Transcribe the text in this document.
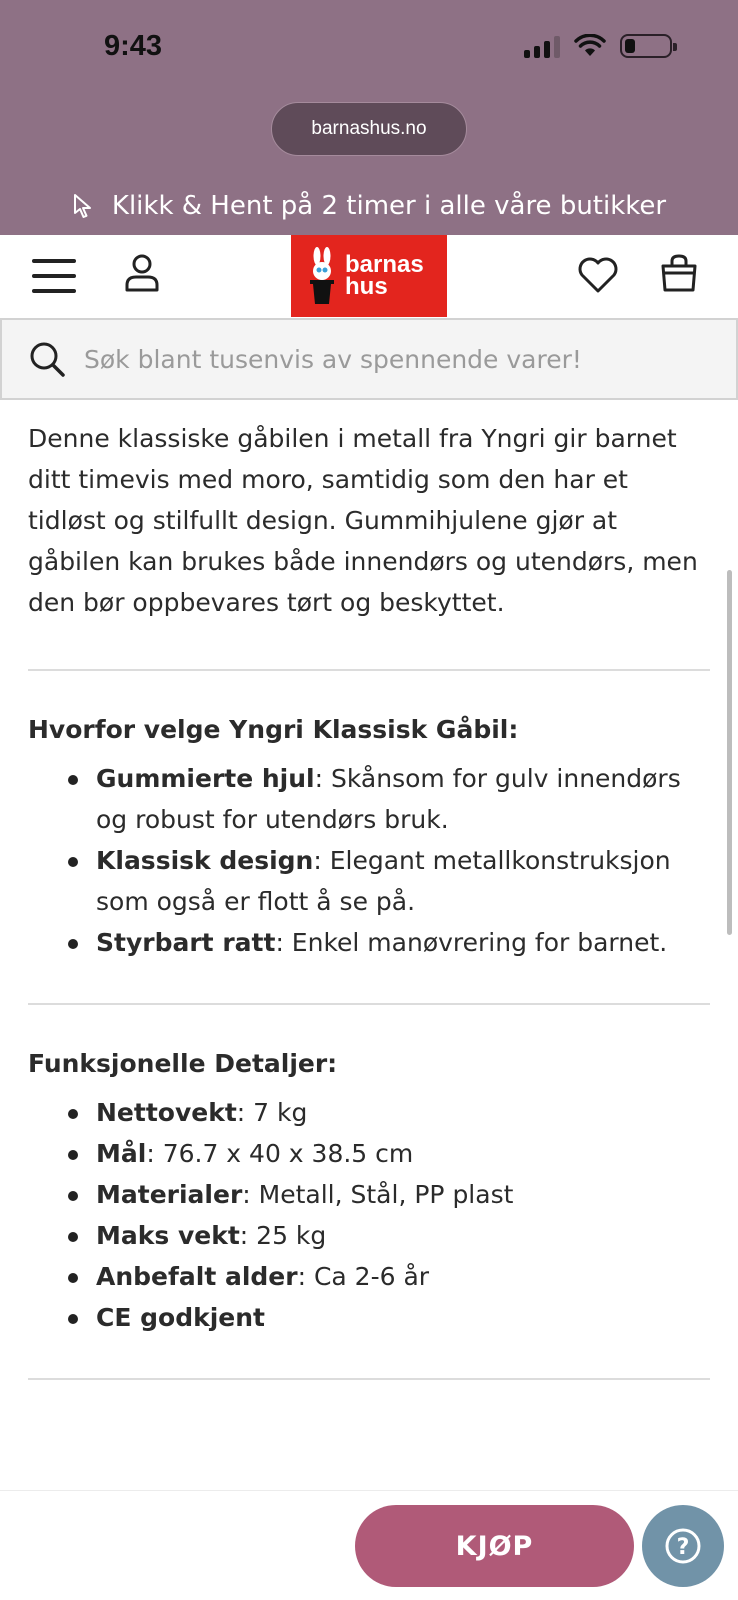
9:43
barnashus.no
Klikk & Hent på 2 timer i alle våre butikker
barnas
hus
Søk blant tusenvis av spennende varer!

Denne klassiske gåbilen i metall fra Yngri gir barnet ditt timevis med moro, samtidig som den har et tidløst og stilfullt design. Gummihjulene gjør at gåbilen kan brukes både innendørs og utendørs, men den bør oppbevares tørt og beskyttet.

Hvorfor velge Yngri Klassisk Gåbil:
Gummierte hjul: Skånsom for gulv innendørs og robust for utendørs bruk.
Klassisk design: Elegant metallkonstruksjon som også er flott å se på.
Styrbart ratt: Enkel manøvrering for barnet.
Funksjonelle Detaljer:
Nettovekt: 7 kg
Mål: 76.7 x 40 x 38.5 cm
Materialer: Metall, Stål, PP plast
Maks vekt: 25 kg
Anbefalt alder: Ca 2-6 år
CE godkjent
KJØP	?
